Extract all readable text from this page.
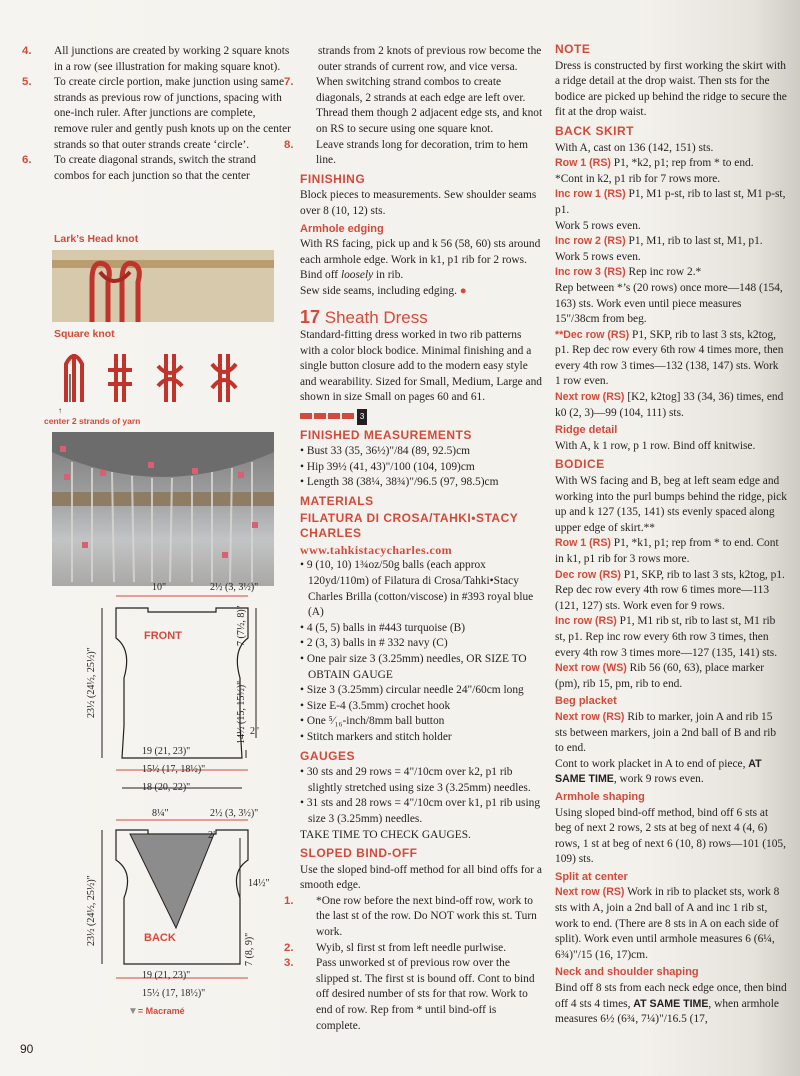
4. All junctions are created by working 2 square knots in a row (see illustration for making square knot).

5. To create circle portion, make junction using same strands as previous row of junctions, spacing with one-inch ruler. After junctions are complete, remove ruler and gently push knots up on the center strands so that outer strands create ‘circle’.

6. To create diagonal strands, switch the strand combos for each junction so that the center

Lark’s Head knot
Square knot
↑
center 2 strands of yarn
10"	2½ (3, 3½)"
FRONT	7 (7½, 8)"
14½ (15, 15½)" 2"
23½ (24½, 25½)"
19 (21, 23)"
15½ (17, 18½)"
18 (20, 22)"
8¼"	2½ (3, 3½)"
2"
14½"
BACK	7 (8, 9)"
23½ (24½, 25½)"
19 (21, 23)"
15½ (17, 18½)"
▼= Macramé

strands from 2 knots of previous row become the outer strands of current row, and vice versa.

7. When switching strand combos to create diagonals, 2 strands at each edge are left over. Thread them though 2 adjacent edge sts, and knot on RS to secure using one square knot.

8. Leave strands long for decoration, trim to hem line.

FINISHING

Block pieces to measurements. Sew shoulder seams over 8 (10, 12) sts.

Armhole edging

With RS facing, pick up and k 56 (58, 60) sts around each armhole edge. Work in k1, p1 rib for 2 rows. Bind off loosely in rib.

Sew side seams, including edging. ●

17 Sheath Dress

Standard-fitting dress worked in two rib patterns with a color block bodice. Minimal finishing and a single button closure add to the modern easy style and wearability. Sized for Small, Medium, Large and shown in size Small on pages 60 and 61.

3

FINISHED MEASUREMENTS

• Bust 33 (35, 36½)"/84 (89, 92.5)cm

• Hip 39½ (41, 43)"/100 (104, 109)cm

• Length 38 (38¼, 38¾)"/96.5 (97, 98.5)cm

MATERIALS

FILATURA DI CROSA/TAHKI•STACY CHARLES

www.tahkistacycharles.com

• 9 (10, 10) 1¾oz/50g balls (each approx 120yd/110m) of Filatura di Crosa/Tahki•Stacy Charles Brilla (cotton/viscose) in #393 royal blue (A)

• 4 (5, 5) balls in #443 turquoise (B)

• 2 (3, 3) balls in # 332 navy (C)

• One pair size 3 (3.25mm) needles, OR SIZE TO OBTAIN GAUGE

• Size 3 (3.25mm) circular needle 24"/60cm long

• Size E-4 (3.5mm) crochet hook

• One ⁵⁄₁₆-inch/8mm ball button

• Stitch markers and stitch holder

GAUGES

• 30 sts and 29 rows = 4"/10cm over k2, p1 rib slightly stretched using size 3 (3.25mm) needles.

• 31 sts and 28 rows = 4"/10cm over k1, p1 rib using size 3 (3.25mm) needles.

TAKE TIME TO CHECK GAUGES.

SLOPED BIND-OFF

Use the sloped bind-off method for all bind offs for a smooth edge.

1. *One row before the next bind-off row, work to the last st of the row. Do NOT work this st. Turn work.

2. Wyib, sl first st from left needle purlwise.

3. Pass unworked st of previous row over the slipped st. The first st is bound off. Cont to bind off desired number of sts for that row. Work to end of row. Rep from * until bind-off is complete.

NOTE

Dress is constructed by first working the skirt with a ridge detail at the drop waist. Then sts for the bodice are picked up behind the ridge to secure the fit at the drop waist.

BACK SKIRT

With A, cast on 136 (142, 151) sts.

Row 1 (RS) P1, *k2, p1; rep from * to end.

*Cont in k2, p1 rib for 7 rows more.

Inc row 1 (RS) P1, M1 p-st, rib to last st, M1 p-st, p1.

Work 5 rows even.

Inc row 2 (RS) P1, M1, rib to last st, M1, p1.

Work 5 rows even.

Inc row 3 (RS) Rep inc row 2.*

Rep between *’s (20 rows) once more—148 (154, 163) sts. Work even until piece measures 15"/38cm from beg.

**Dec row (RS) P1, SKP, rib to last 3 sts, k2tog, p1. Rep dec row every 6th row 4 times more, then every 4th row 3 times—132 (138, 147) sts. Work 1 row even.

Next row (RS) [K2, k2tog] 33 (34, 36) times, end k0 (2, 3)—99 (104, 111) sts.

Ridge detail

With A, k 1 row, p 1 row. Bind off knitwise.

BODICE

With WS facing and B, beg at left seam edge and working into the purl bumps behind the ridge, pick up and k 127 (135, 141) sts evenly spaced along upper edge of skirt.**

Row 1 (RS) P1, *k1, p1; rep from * to end. Cont in k1, p1 rib for 3 rows more.

Dec row (RS) P1, SKP, rib to last 3 sts, k2tog, p1. Rep dec row every 4th row 6 times more—113 (121, 127) sts. Work even for 9 rows.

Inc row (RS) P1, M1 rib st, rib to last st, M1 rib st, p1. Rep inc row every 6th row 3 times, then every 4th row 3 times more—127 (135, 141) sts.

Next row (WS) Rib 56 (60, 63), place marker (pm), rib 15, pm, rib to end.

Beg placket

Next row (RS) Rib to marker, join A and rib 15 sts between markers, join a 2nd ball of B and rib to end.

Cont to work placket in A to end of piece, AT SAME TIME, work 9 rows even.

Armhole shaping

Using sloped bind-off method, bind off 6 sts at beg of next 2 rows, 2 sts at beg of next 4 (4, 6) rows, 1 st at beg of next 6 (10, 8) rows—101 (105, 109) sts.

Split at center

Next row (RS) Work in rib to placket sts, work 8 sts with A, join a 2nd ball of A and inc 1 rib st, work to end. (There are 8 sts in A on each side of split). Work even until armhole measures 6 (6¼, 6¾)"/15 (16, 17)cm.

Neck and shoulder shaping

Bind off 8 sts from each neck edge once, then bind off 4 sts 4 times, AT SAME TIME, when armhole measures 6½ (6¾, 7¼)"/16.5 (17,

90
